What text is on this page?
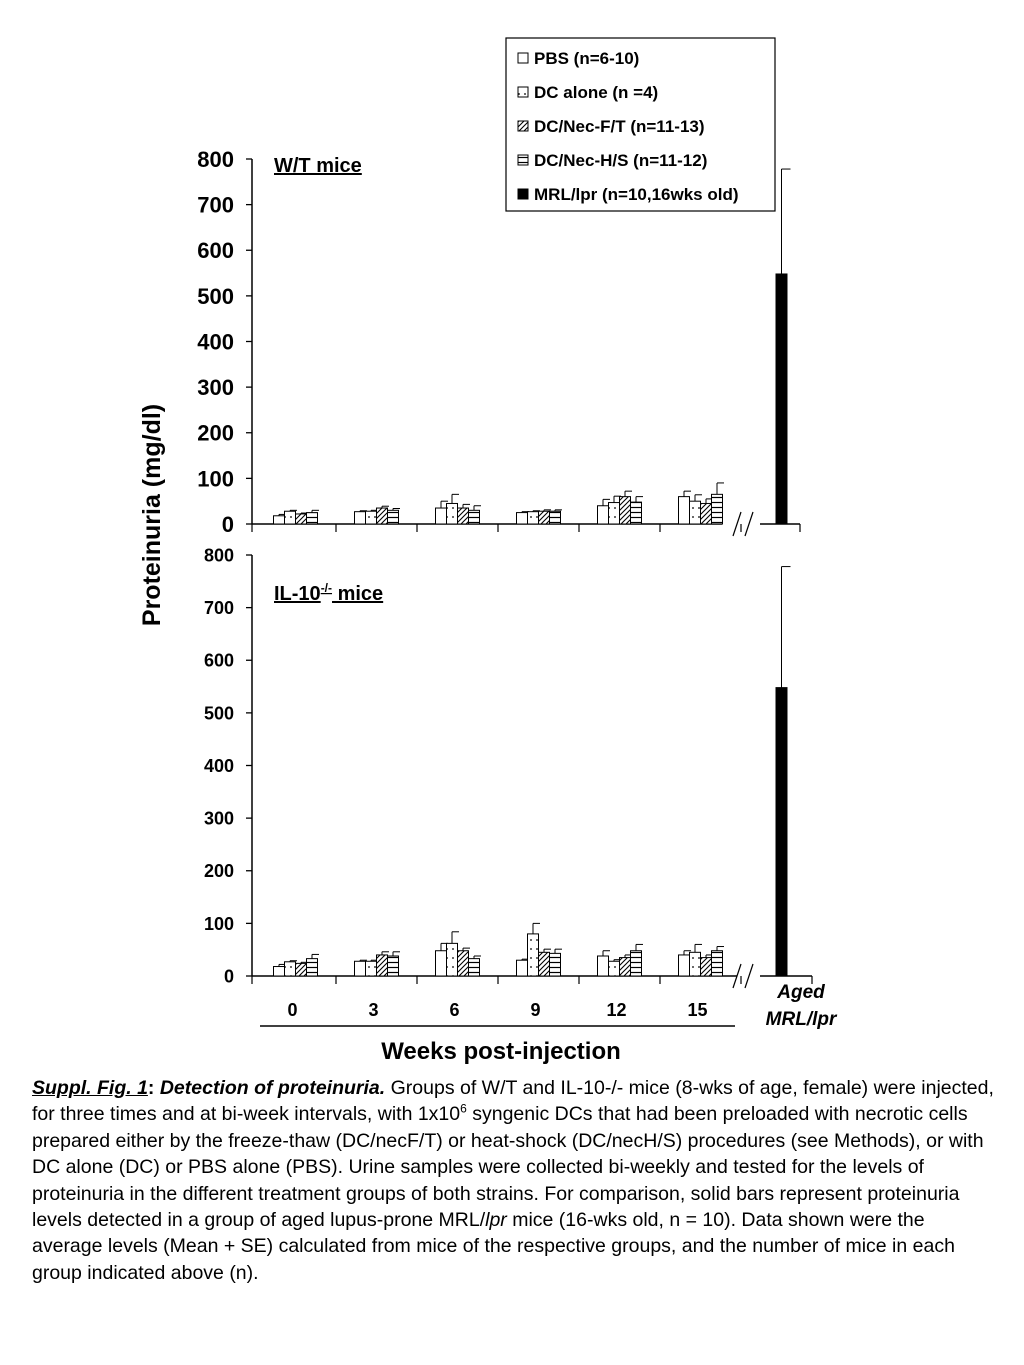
0
100
200
300
400
500
600
700
800 W/T mice
0
100
200
300
400
500
600
700
800
IL-10-/- mice
0	3	6	9	12	15
Aged
MRL/lpr
Weeks post-injection
Proteinuria (mg/dl)
PBS (n=6-10)
DC alone (n =4)
DC/Nec-F/T (n=11-13)
DC/Nec-H/S (n=11-12)
MRL/lpr (n=10,16wks old)
Suppl. Fig. 1: Detection of proteinuria. Groups of W/T and IL-10-/- mice (8-wks of age, female) were injected, for three times and at bi-week intervals, with $1x10^6$ syngenic DCs that had been preloaded with necrotic cells prepared either by the freeze-thaw (DC/necF/T) or heat-shock (DC/necH/S) procedures (see Methods), or with DC alone (DC) or PBS alone (PBS). Urine samples were collected bi-weekly and tested for the levels of proteinuria in the different treatment groups of both strains. For comparison, solid bars represent proteinuria levels detected in a group of aged lupus-prone MRL/lpr mice (16-wks old, n = 10). Data shown were the average levels (Mean + SE) calculated from mice of the respective groups, and the number of mice in each group indicated above (n).
